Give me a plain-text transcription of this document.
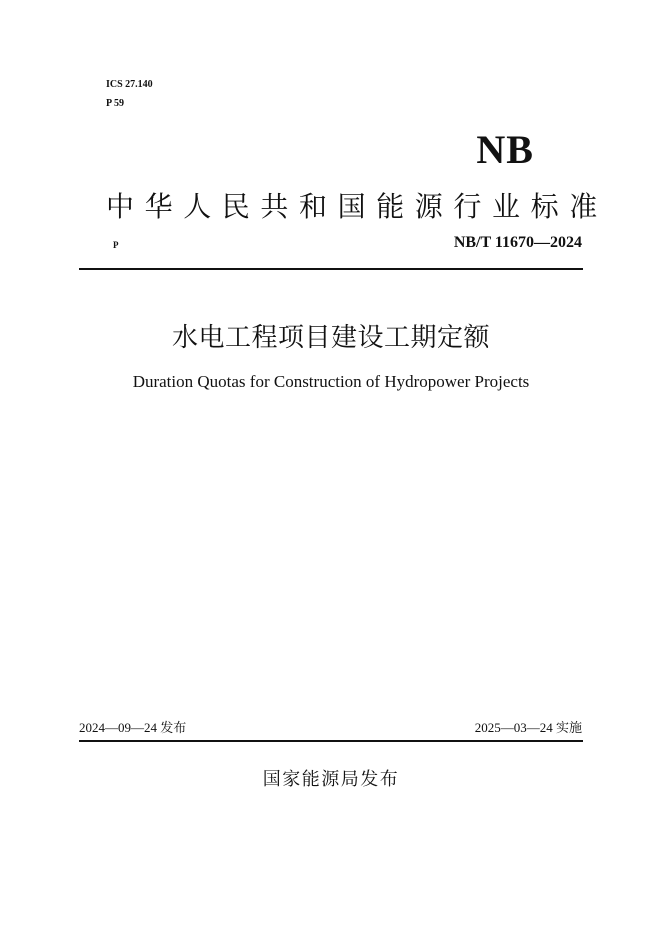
ICS 27.140
P 59
NB
中华人民共和国能源行业标准
P	NB/T 11670—2024
水电工程项目建设工期定额
Duration Quotas for Construction of Hydropower Projects
2024—09—24 发布	2025—03—24 实施
国家能源局发布
